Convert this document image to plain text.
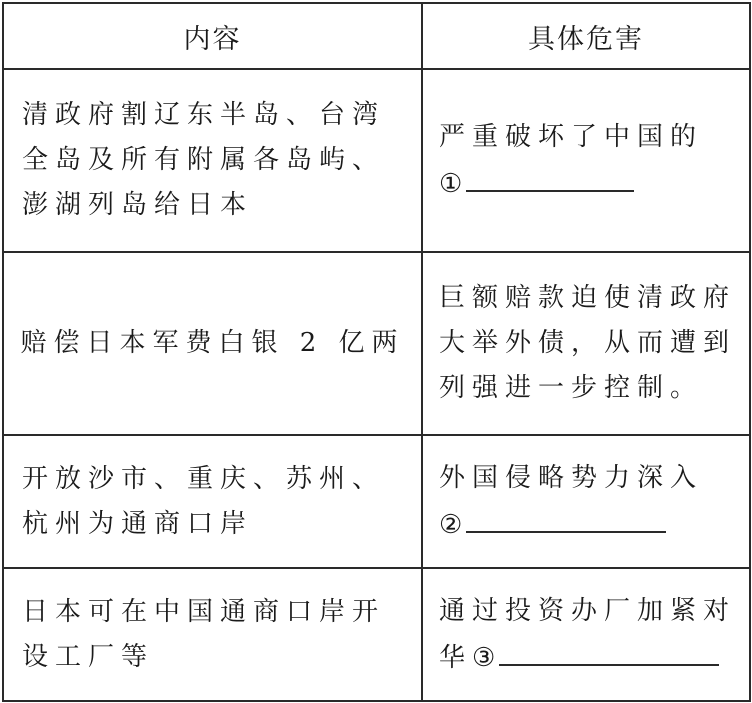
内容	具体危害

清政府割辽东半岛、台湾全岛及所有附属各岛屿、澎湖列岛给日本	严重破坏了中国的
①

赔偿日本军费白银 2 亿两	巨额赔款迫使清政府大举外债，从而遭到列强进一步控制。

开放沙市、重庆、苏州、杭州为通商口岸	外国侵略势力深入
②

日本可在中国通商口岸开设工厂等	通过投资办厂加紧对华③
